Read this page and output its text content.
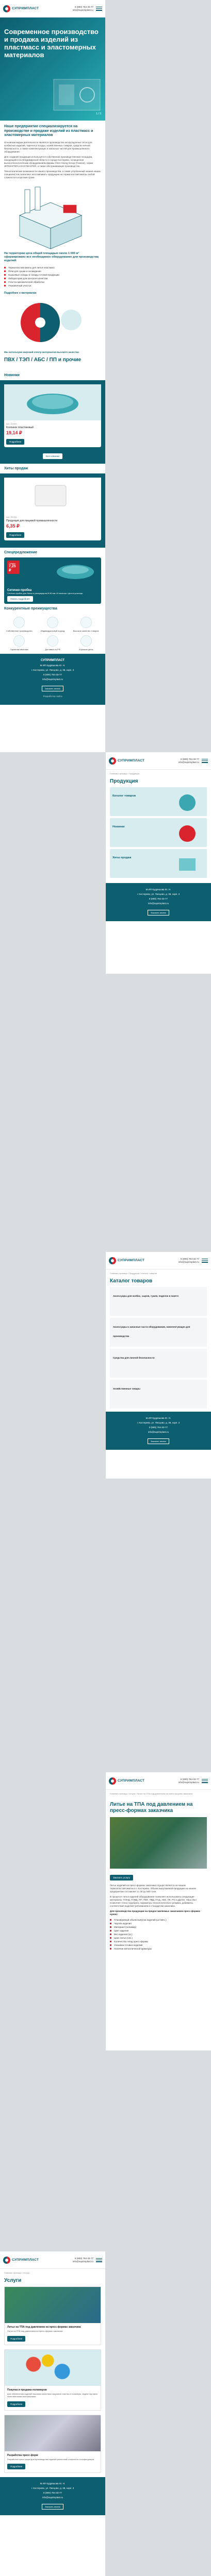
СУПРИМПЛАСТ	8 (800) 784-33-77
info@suprimplast.ru
Современное производство и продажа изделий из пластмасс и эластомерных материалов
1 / 3
Наше предприятие специализируется на производстве и продаже изделий из пластмасс и эластомерных материалов

Основным видом деятельности является производство антиусадочных сеток для колбасных изделий, тарелок и посуды, хозяйственных товаров, средств личной безопасности, а также комплектующих и запасных частей для промышленного оборудования.

Для создания продукции используется собственная производственная площадка, находящаяся во Владимирской области в городе Костерево, оснащенная высокотехнологичным оборудованием фирмы Chen Hsong Group (Гонконг), серии JETMASTER и EASYMASTER, а также обслуживающее производство.

Технологические возможности нашего производства, а также углубленный знания наших специалистов позволяют изготавливать продукцию на термопластавтоматах любой сложности в короткие сроки.

На территории цеха общей площадью около 1 000 м² сформировано все необходимое оборудование для производства изделий:
Термопластавтоматы для литья пластмасс
Печи для сушки и охлаждения
Сырьевые склады и склады готовой продукции
Лаборатория для контроля качества
Участок механической обработки
Упаковочный участок
Подробнее о материалах
Мы используем широкий спектр материалов высокого качества:
ПВХ / ТЭП / АБС / ПП и прочие
Новинки
Арт. 42.800
Колпачок пластиковый
19,14 ₽
Подробнее
Все новинки
Хиты продаж
Арт. 35.000
Продукция для пищевой промышленности
6,35 ₽
Подробнее
Спецпредложение
Скидка
7,25 ₽
Ситечко-пробка
Ситечко-пробка для банок и резервуаров Ø 80 мм. В наличии. Цена в рознице.
Узнать подробнее
Конкурентные преимущества
Собственное производство	Индивидуальный подход	Высокое качество товаров
Гарантия качества	Доставка по РФ	Хорошие цены
СУПРИМПЛАСТ

М.ИП Кудряшова Ю. Н.

г. Костерево, ул. Писцово, д. 38, корп. 3

8 (800) 784-33-77

info@suprimplast.ru

Заказать звонок

Разработка сайта

СУПРИМПЛАСТ	8 (800) 784-33-77
info@suprimplast.ru
Главная страница / Продукция
Продукция
Каталог товаров
Новинки
Хиты продаж

М.ИП Кудряшова Ю. Н.

г. Костерево, ул. Писцово, д. 38, корп. 3

8 (800) 784-33-77

info@suprimplast.ru

Заказать звонок
СУПРИМПЛАСТ	8 (800) 784-33-77
info@suprimplast.ru
Главная страница / Продукция / Каталог товаров
Каталог товаров
Аксессуары для колбас, сыров, тушек, поделок в пакете
Аксессуары и запасные части оборудования, комплектующие для производства
Средства для личной безопасности
Хозяйственные товары

М.ИП Кудряшова Ю. Н.

г. Костерево, ул. Писцово, д. 38, корп. 3

8 (800) 784-33-77

info@suprimplast.ru

Заказать звонок
СУПРИМПЛАСТ	8 (800) 784-33-77
info@suprimplast.ru
Главная страница / Услуги / Литье на ТПА под давлением на пресс-формах заказчика
Литье на ТПА под давлением на пресс-формах заказчика
Заказать услугу

Литье изделий на пресс-формах заказчика осуществляется на нашем термопластавтоматах в г. Костерево. Объем выпускаемой продукции на нашем предприятии составляет от 30 до 500 тонн.

В процессе литья изделий оборудование позволяет использовать следующие материалы: ПЭНД, ПЭВД, ПП, ПВХ, ПВД, ПАД, ABS, ПК, PS и другие. Наш опыт позволяет точно подобрать параметры технологического режима, добиваясь соответствия изделий требованиям и стандартам заказчика.

Для производства продукции на предоставляемых заказчиком пресс-формах нужно:
Планируемый объем выпуска изделий (шт./мес.)
Чертеж изделия
Материал (полимер)
Цвет изделия
Вес изделия (гр.)
Цикл литья (сек.)
Количество гнезд пресс-формы
Упаковка готовых изделий
Наличие металлической арматуры
СУПРИМПЛАСТ	8 (800) 784-33-77
info@suprimplast.ru
Главная страница / Услуги
Услуги
Литье на ТПА под давлением на пресс-формах заказчика
Литье на ТПА под давлением на пресс-формах заказчика
Подробнее
Покупка и продажа полимеров
Для обеспечения изделий высоким качеством закупаем пластик и полимеры, ведем торговлю качественными материалами.
Подробнее
Разработка пресс-форм
Разработка пресс-форм для производства изделий различной сложности и конфигурации.
Подробнее

М.ИП Кудряшова Ю. Н.

г. Костерево, ул. Писцово, д. 38, корп. 3

8 (800) 784-33-77

info@suprimplast.ru

Заказать звонок
